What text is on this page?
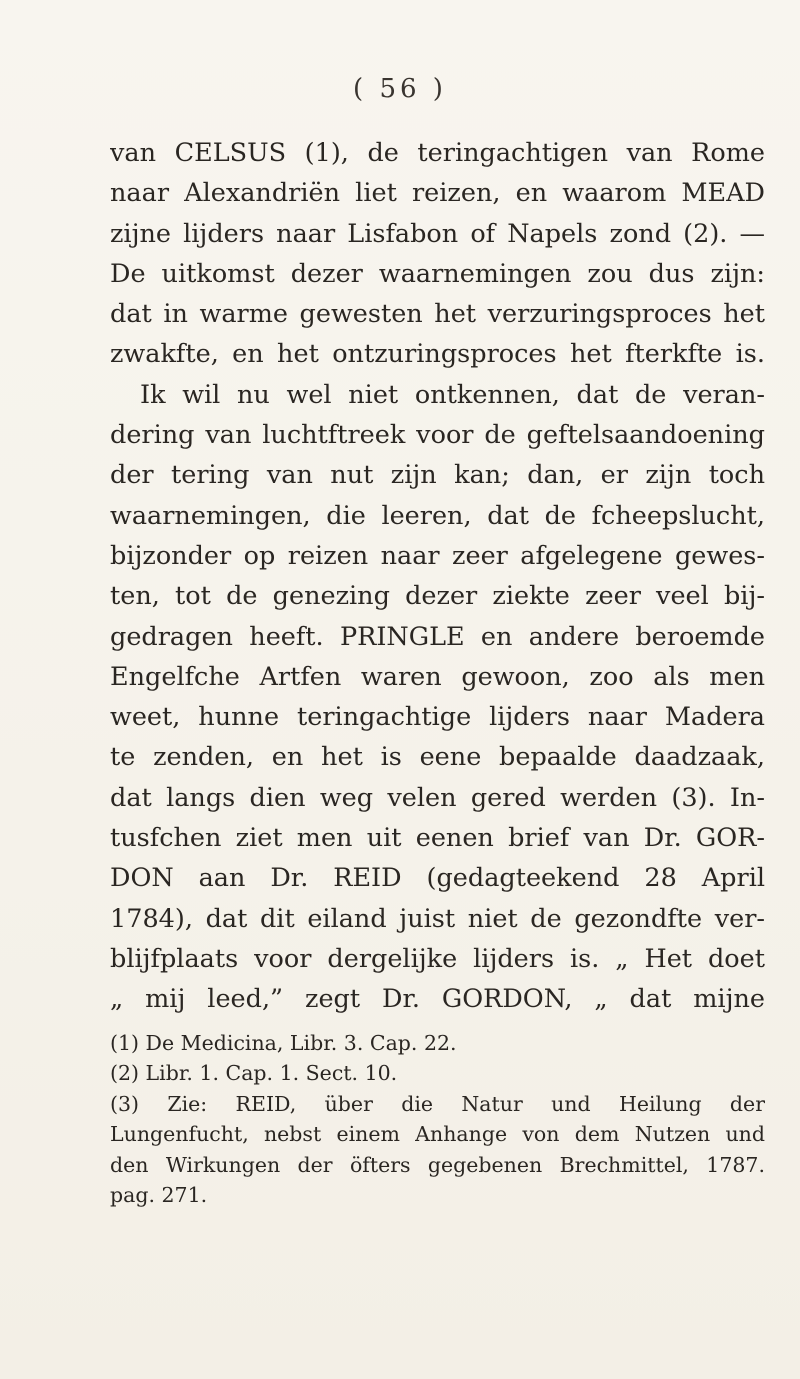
( 56 )
van CELSUS (1), de teringachtigen van Rome
naar Alexandriën liet reizen, en waarom MEAD
zijne lijders naar Lisfabon of Napels zond (2). —
De uitkomst dezer waarnemingen zou dus zijn:
dat in warme gewesten het verzuringsproces het
zwakfte, en het ontzuringsproces het fterkfte is.
Ik wil nu wel niet ontkennen, dat de veran-
dering van luchtftreek voor de geftelsaandoening
der tering van nut zijn kan; dan, er zijn toch
waarnemingen, die leeren, dat de fcheepslucht,
bijzonder op reizen naar zeer afgelegene gewes-
ten, tot de genezing dezer ziekte zeer veel bij-
gedragen heeft. PRINGLE en andere beroemde
Engelfche Artfen waren gewoon, zoo als men
weet, hunne teringachtige lijders naar Madera
te zenden, en het is eene bepaalde daadzaak,
dat langs dien weg velen gered werden (3). In-
tusfchen ziet men uit eenen brief van Dr. GOR-
DON aan Dr. REID (gedagteekend 28 April
1784), dat dit eiland juist niet de gezondfte ver-
blijfplaats voor dergelijke lijders is. „ Het doet
„ mij leed,” zegt Dr. GORDON, „ dat mijne
(1) De Medicina, Libr. 3. Cap. 22.
(2) Libr. 1. Cap. 1. Sect. 10.
(3) Zie: REID, über die Natur und Heilung der
Lungenfucht, nebst einem Anhange von dem Nutzen und
den Wirkungen der öfters gegebenen Brechmittel, 1787.
pag. 271.
